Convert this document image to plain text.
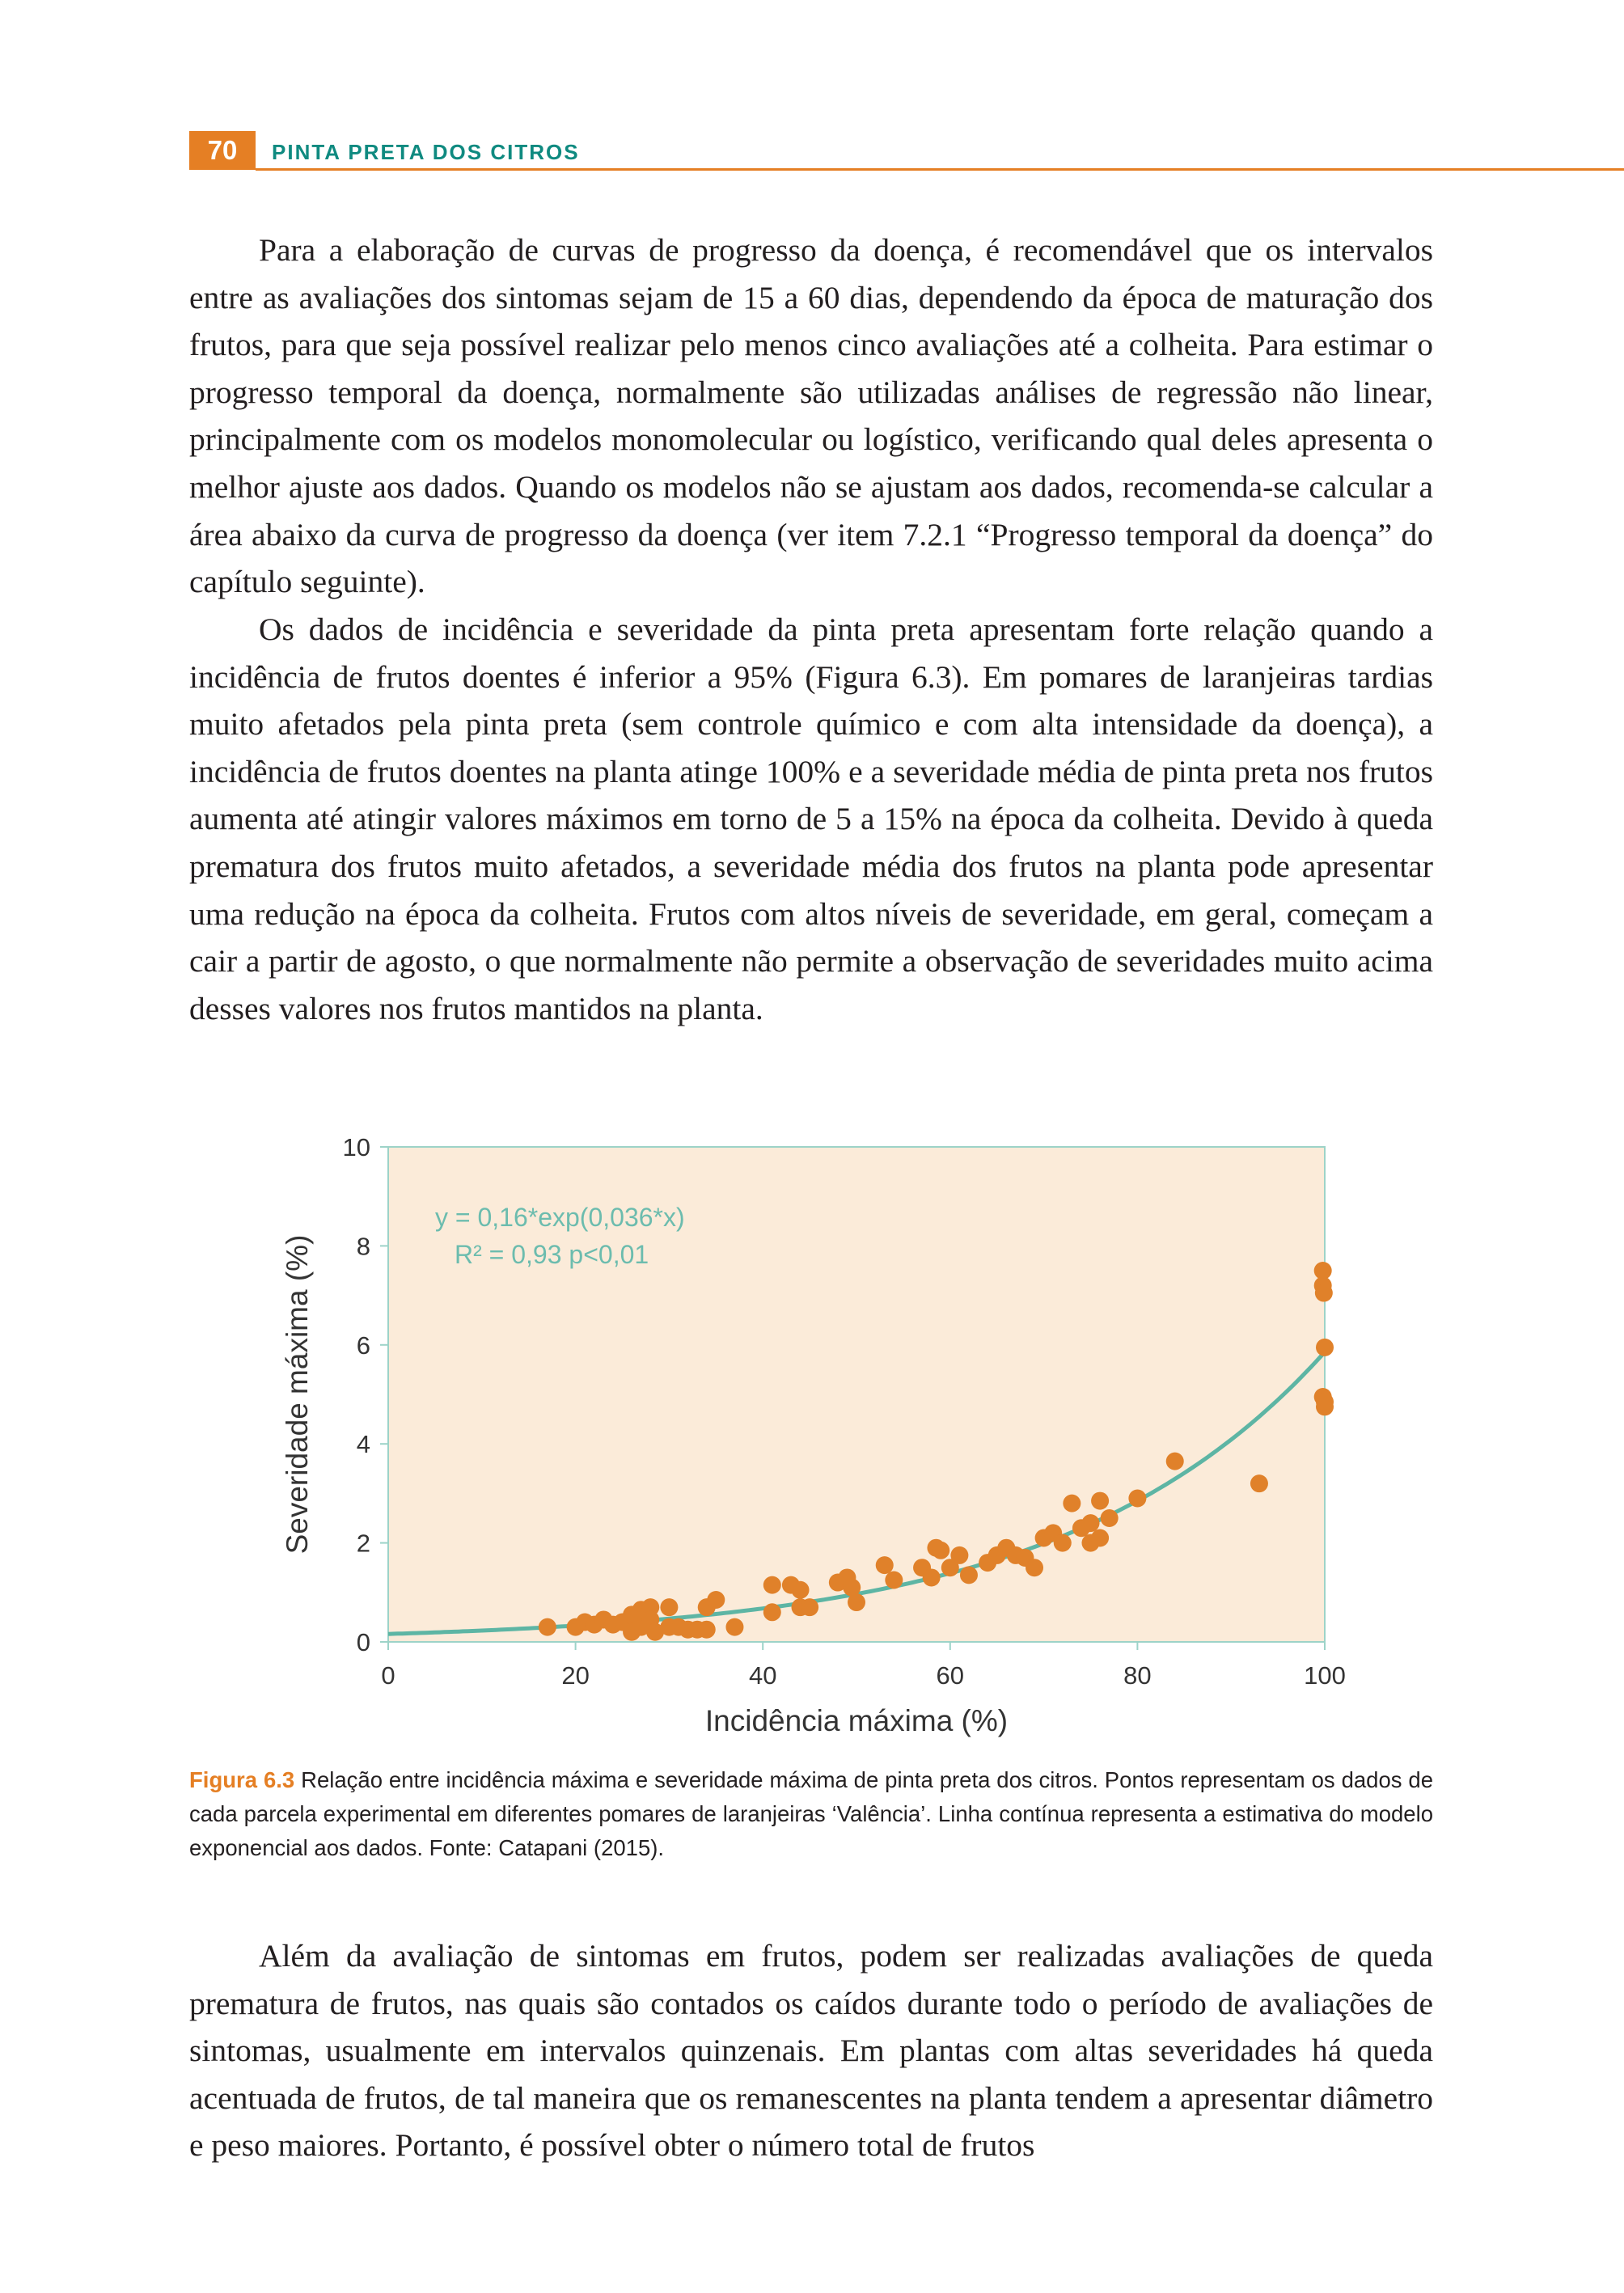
70	PINTA PRETA DOS CITROS

Para a elaboração de curvas de progresso da doença, é recomendável que os intervalos entre as avaliações dos sintomas sejam de 15 a 60 dias, dependendo da época de maturação dos frutos, para que seja possível realizar pelo menos cinco avaliações até a colheita. Para estimar o progresso temporal da doença, normalmente são utilizadas análises de regressão não linear, principalmente com os modelos monomolecular ou logístico, verificando qual deles apresenta o melhor ajuste aos dados. Quando os modelos não se ajustam aos dados, recomenda-se calcular a área abaixo da curva de progresso da doença (ver item 7.2.1 “Progresso temporal da doença” do capítulo seguinte).

Os dados de incidência e severidade da pinta preta apresentam forte relação quando a incidência de frutos doentes é inferior a 95% (Figura 6.3). Em pomares de laranjeiras tardias muito afetados pela pinta preta (sem controle químico e com alta intensidade da doença), a incidência de frutos doentes na planta atinge 100% e a severidade média de pinta preta nos frutos aumenta até atingir valores máximos em torno de 5 a 15% na época da colheita. Devido à queda prematura dos frutos muito afetados, a severidade média dos frutos na planta pode apresentar uma redução na época da colheita. Frutos com altos níveis de severidade, em geral, começam a cair a partir de agosto, o que normalmente não permite a observação de severidades muito acima desses valores nos frutos mantidos na planta.

0
2
4
6
8
10
0	20	40	60	80	100
y = 0,16*exp(0,036*x)
R² = 0,93 p<0,01
Incidência máxima (%)
Severidade máxima (%)
Figura 6.3 Relação entre incidência máxima e severidade máxima de pinta preta dos citros. Pontos representam os dados de cada parcela experimental em diferentes pomares de laranjeiras ‘Valência’. Linha contínua representa a estimativa do modelo exponencial aos dados. Fonte: Catapani (2015).

Além da avaliação de sintomas em frutos, podem ser realizadas avaliações de queda prematura de frutos, nas quais são contados os caídos durante todo o período de avaliações de sintomas, usualmente em intervalos quinzenais. Em plantas com altas severidades há queda acentuada de frutos, de tal maneira que os remanescentes na planta tendem a apresentar diâmetro e peso maiores. Portanto, é possível obter o número total de frutos
